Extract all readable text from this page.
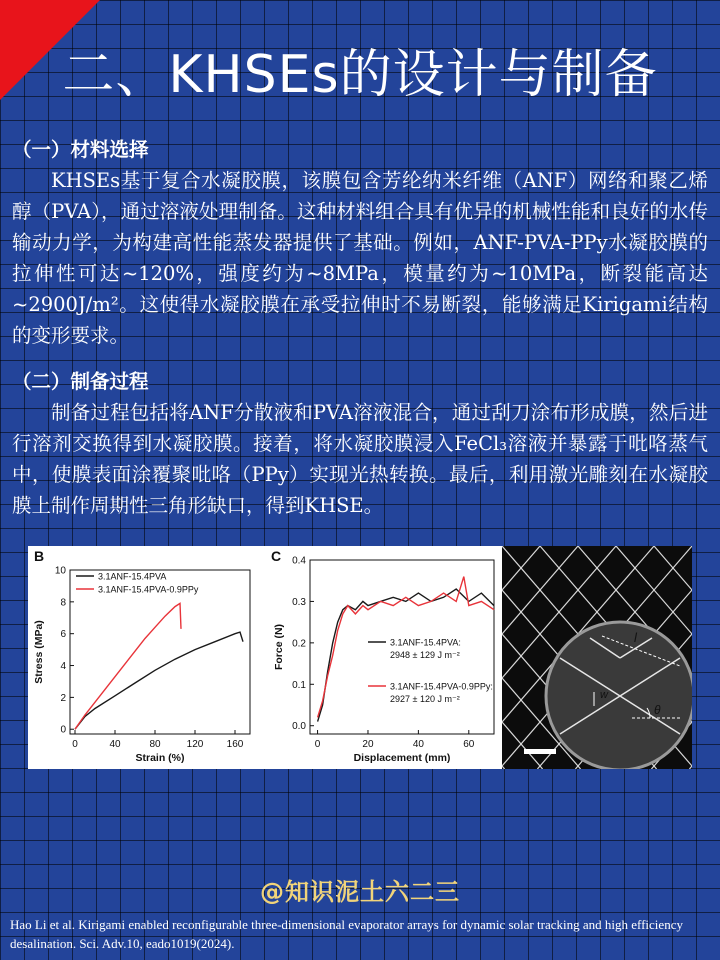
二、KHSEs的设计与制备
（一）材料选择
KHSEs基于复合水凝胶膜，该膜包含芳纶纳米纤维（ANF）网络和聚乙烯醇（PVA），通过溶液处理制备。这种材料组合具有优异的机械性能和良好的水传输动力学，为构建高性能蒸发器提供了基础。例如，ANF-PVA-PPy水凝胶膜的拉伸性可达~120%，强度约为~8MPa，模量约为~10MPa，断裂能高达~2900J/m²。这使得水凝胶膜在承受拉伸时不易断裂，能够满足Kirigami结构的变形要求。
（二）制备过程
制备过程包括将ANF分散液和PVA溶液混合，通过刮刀涂布形成膜，然后进行溶剂交换得到水凝胶膜。接着，将水凝胶膜浸入FeCl₃溶液并暴露于吡咯蒸气中，使膜表面涂覆聚吡咯（PPy）实现光热转换。最后，利用激光雕刻在水凝胶膜上制作周期性三角形缺口，得到KHSE。
B
0	40	80	120 160
0
2
4
6
8
10
Strain (%)
Stress (MPa)
3.1ANF-15.4PVA
3.1ANF-15.4PVA-0.9PPy
C
0	20	40	60
0.0
0.1
0.2
0.3
0.4
Displacement (mm)
Force (N)	3.1ANF-15.4PVA:
2948 ± 129 J m⁻²
3.1ANF-15.4PVA-0.9PPy:
2927 ± 120 J m⁻²
l
θ
w
@知识泥土六二三
Hao Li et al. Kirigami enabled reconfigurable three-dimensional evaporator arrays for dynamic solar tracking and high efficiency desalination. Sci. Adv.10, eado1019(2024).
